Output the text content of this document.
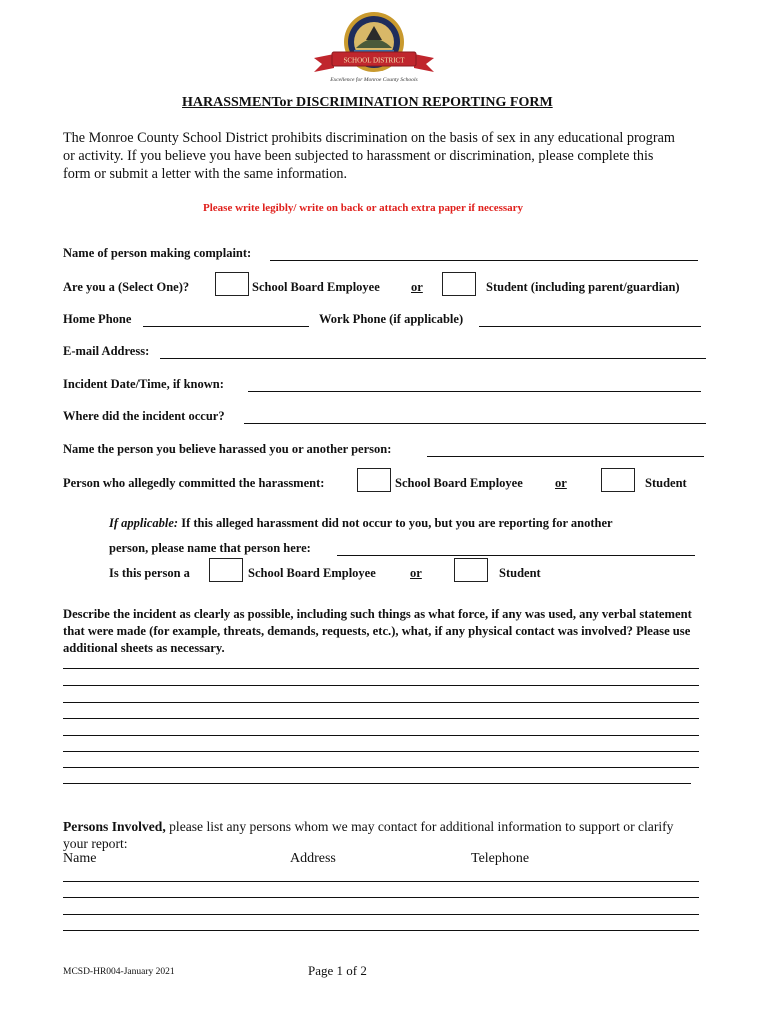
SCHOOL DISTRICT
Excellence for Monroe County Schools
HARASSMENTor DISCRIMINATION REPORTING FORM
The Monroe County School District prohibits discrimination on the basis of sex in any educational program or activity. If you believe you have been subjected to harassment or discrimination, please complete this form or submit a letter with the same information.
Please write legibly/ write on back or attach extra paper if necessary
Name of person making complaint:
Are you a (Select One)?	School Board Employee or	Student (including parent/guardian)
Home Phone	Work Phone (if applicable)
E-mail Address:
Incident Date/Time, if known:
Where did the incident occur?
Name the person you believe harassed you or another person:
Person who allegedly committed the harassment:	School Board Employee	or	Student
If applicable: If this alleged harassment did not occur to you, but you are reporting for another
person, please name that person here:
Is this person a	School Board Employee	or	Student
Describe the incident as clearly as possible, including such things as what force, if any was used, any verbal statement that were made (for example, threats, demands, requests, etc.), what, if any physical contact was involved? Please use additional sheets as necessary.
Persons Involved, please list any persons whom we may contact for additional information to support or clarify your report:
Name	Address	Telephone
MCSD-HR004-January 2021	Page 1 of 2
